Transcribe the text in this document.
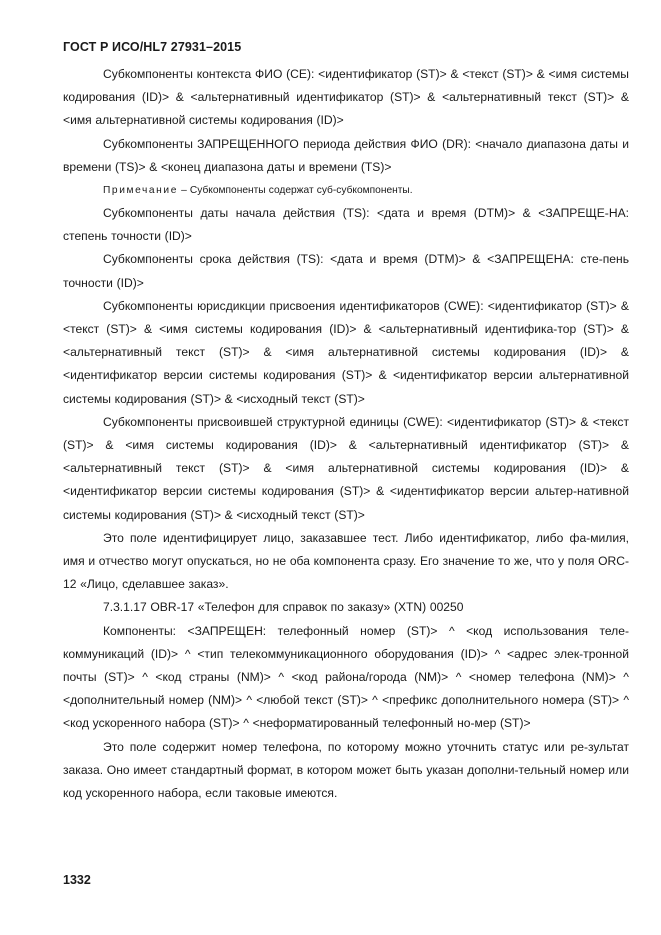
ГОСТ Р ИСО/HL7 27931–2015

Субкомпоненты контекста ФИО (CE): <идентификатор (ST)> & <текст (ST)> & <имя системы кодирования (ID)> & <альтернативный идентификатор (ST)> & <альтернативный текст (ST)> & <имя альтернативной системы кодирования (ID)>

Субкомпоненты ЗАПРЕЩЕННОГО периода действия ФИО (DR): <начало диапазона даты и времени (TS)> & <конец диапазона даты и времени (TS)>

Примечание – Субкомпоненты содержат суб-субкомпоненты.

Субкомпоненты даты начала действия (TS): <дата и время (DTM)> & <ЗАПРЕЩЕ-НА: степень точности (ID)>

Субкомпоненты срока действия (TS): <дата и время (DTM)> & <ЗАПРЕЩЕНА: сте-пень точности (ID)>

Субкомпоненты юрисдикции присвоения идентификаторов (CWE): <идентификатор (ST)> & <текст (ST)> & <имя системы кодирования (ID)> & <альтернативный идентифика-тор (ST)> & <альтернативный текст (ST)> & <имя альтернативной системы кодирования (ID)> & <идентификатор версии системы кодирования (ST)> & <идентификатор версии альтернативной системы кодирования (ST)> & <исходный текст (ST)>

Субкомпоненты присвоившей структурной единицы (CWE): <идентификатор (ST)> & <текст (ST)> & <имя системы кодирования (ID)> & <альтернативный идентификатор (ST)> & <альтернативный текст (ST)> & <имя альтернативной системы кодирования (ID)> & <идентификатор версии системы кодирования (ST)> & <идентификатор версии альтер-нативной системы кодирования (ST)> & <исходный текст (ST)>

Это поле идентифицирует лицо, заказавшее тест. Либо идентификатор, либо фа-милия, имя и отчество могут опускаться, но не оба компонента сразу. Его значение то же, что у поля ORC-12 «Лицо, сделавшее заказ».

7.3.1.17 OBR-17 «Телефон для справок по заказу» (XTN) 00250

Компоненты: <ЗАПРЕЩЕН: телефонный номер (ST)> ^ <код использования теле-коммуникаций (ID)> ^ <тип телекоммуникационного оборудования (ID)> ^ <адрес элек-тронной почты (ST)> ^ <код страны (NM)> ^ <код района/города (NM)> ^ <номер телефона (NM)> ^ <дополнительный номер (NM)> ^ <любой текст (ST)> ^ <префикс дополнительного номера (ST)> ^ <код ускоренного набора (ST)> ^ <неформатированный телефонный но-мер (ST)>

Это поле содержит номер телефона, по которому можно уточнить статус или ре-зультат заказа. Оно имеет стандартный формат, в котором может быть указан дополни-тельный номер или код ускоренного набора, если таковые имеются.

1332
